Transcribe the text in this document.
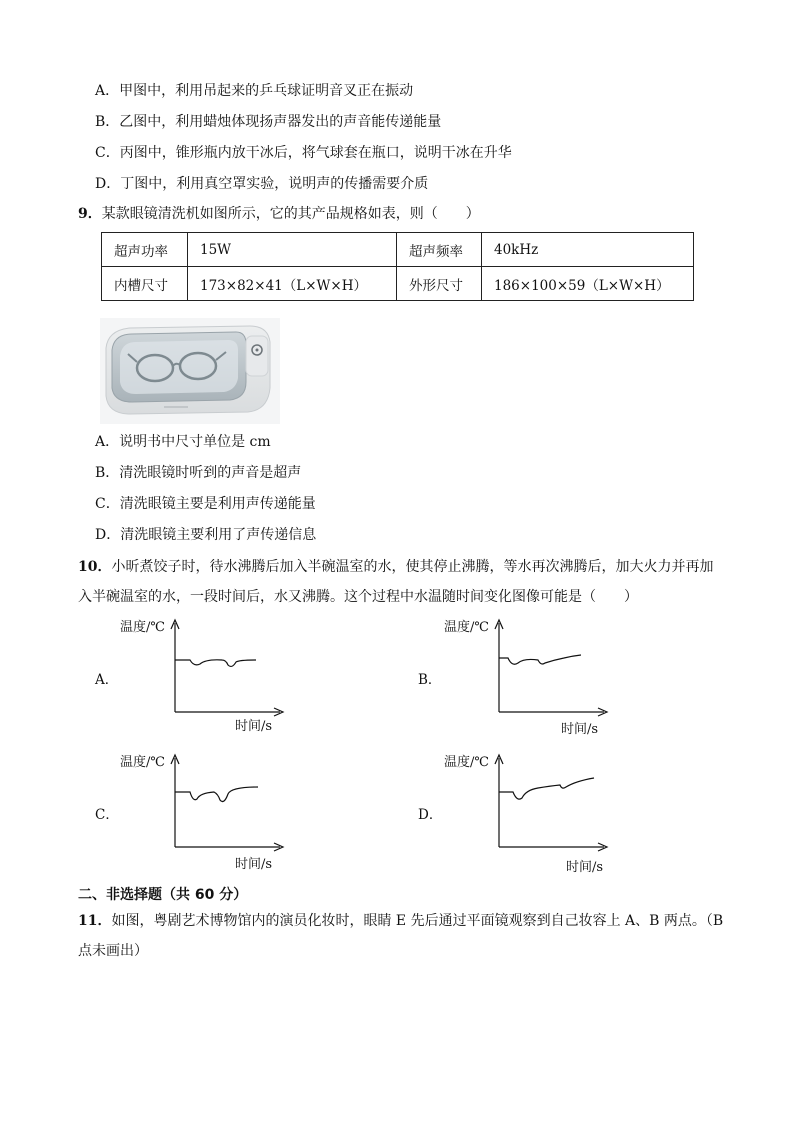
A．甲图中，利用吊起来的乒乓球证明音叉正在振动
B．乙图中，利用蜡烛体现扬声器发出的声音能传递能量
C．丙图中，锥形瓶内放干冰后，将气球套在瓶口，说明干冰在升华
D．丁图中，利用真空罩实验，说明声的传播需要介质
9．某款眼镜清洗机如图所示，它的其产品规格如表，则（　　）
超声功率	15W	超声频率	40kHz
内槽尺寸	173×82×41（L×W×H）	外形尺寸	186×100×59（L×W×H）
A．说明书中尺寸单位是 cm
B．清洗眼镜时听到的声音是超声
C．清洗眼镜主要是利用声传递能量
D．清洗眼镜主要利用了声传递信息
10．小昕煮饺子时，待水沸腾后加入半碗温室的水，使其停止沸腾，等水再次沸腾后，加大火力并再加
入半碗温室的水，一段时间后，水又沸腾。这个过程中水温随时间变化图像可能是（　　）
A．
温度/℃
时间/s
B．
温度/℃
时间/s
C．
温度/℃
时间/s
D．
温度/℃
时间/s
二、非选择题（共 60 分）
11．如图，粤剧艺术博物馆内的演员化妆时，眼睛 E 先后通过平面镜观察到自己妆容上 A、B 两点。（B
点未画出）
